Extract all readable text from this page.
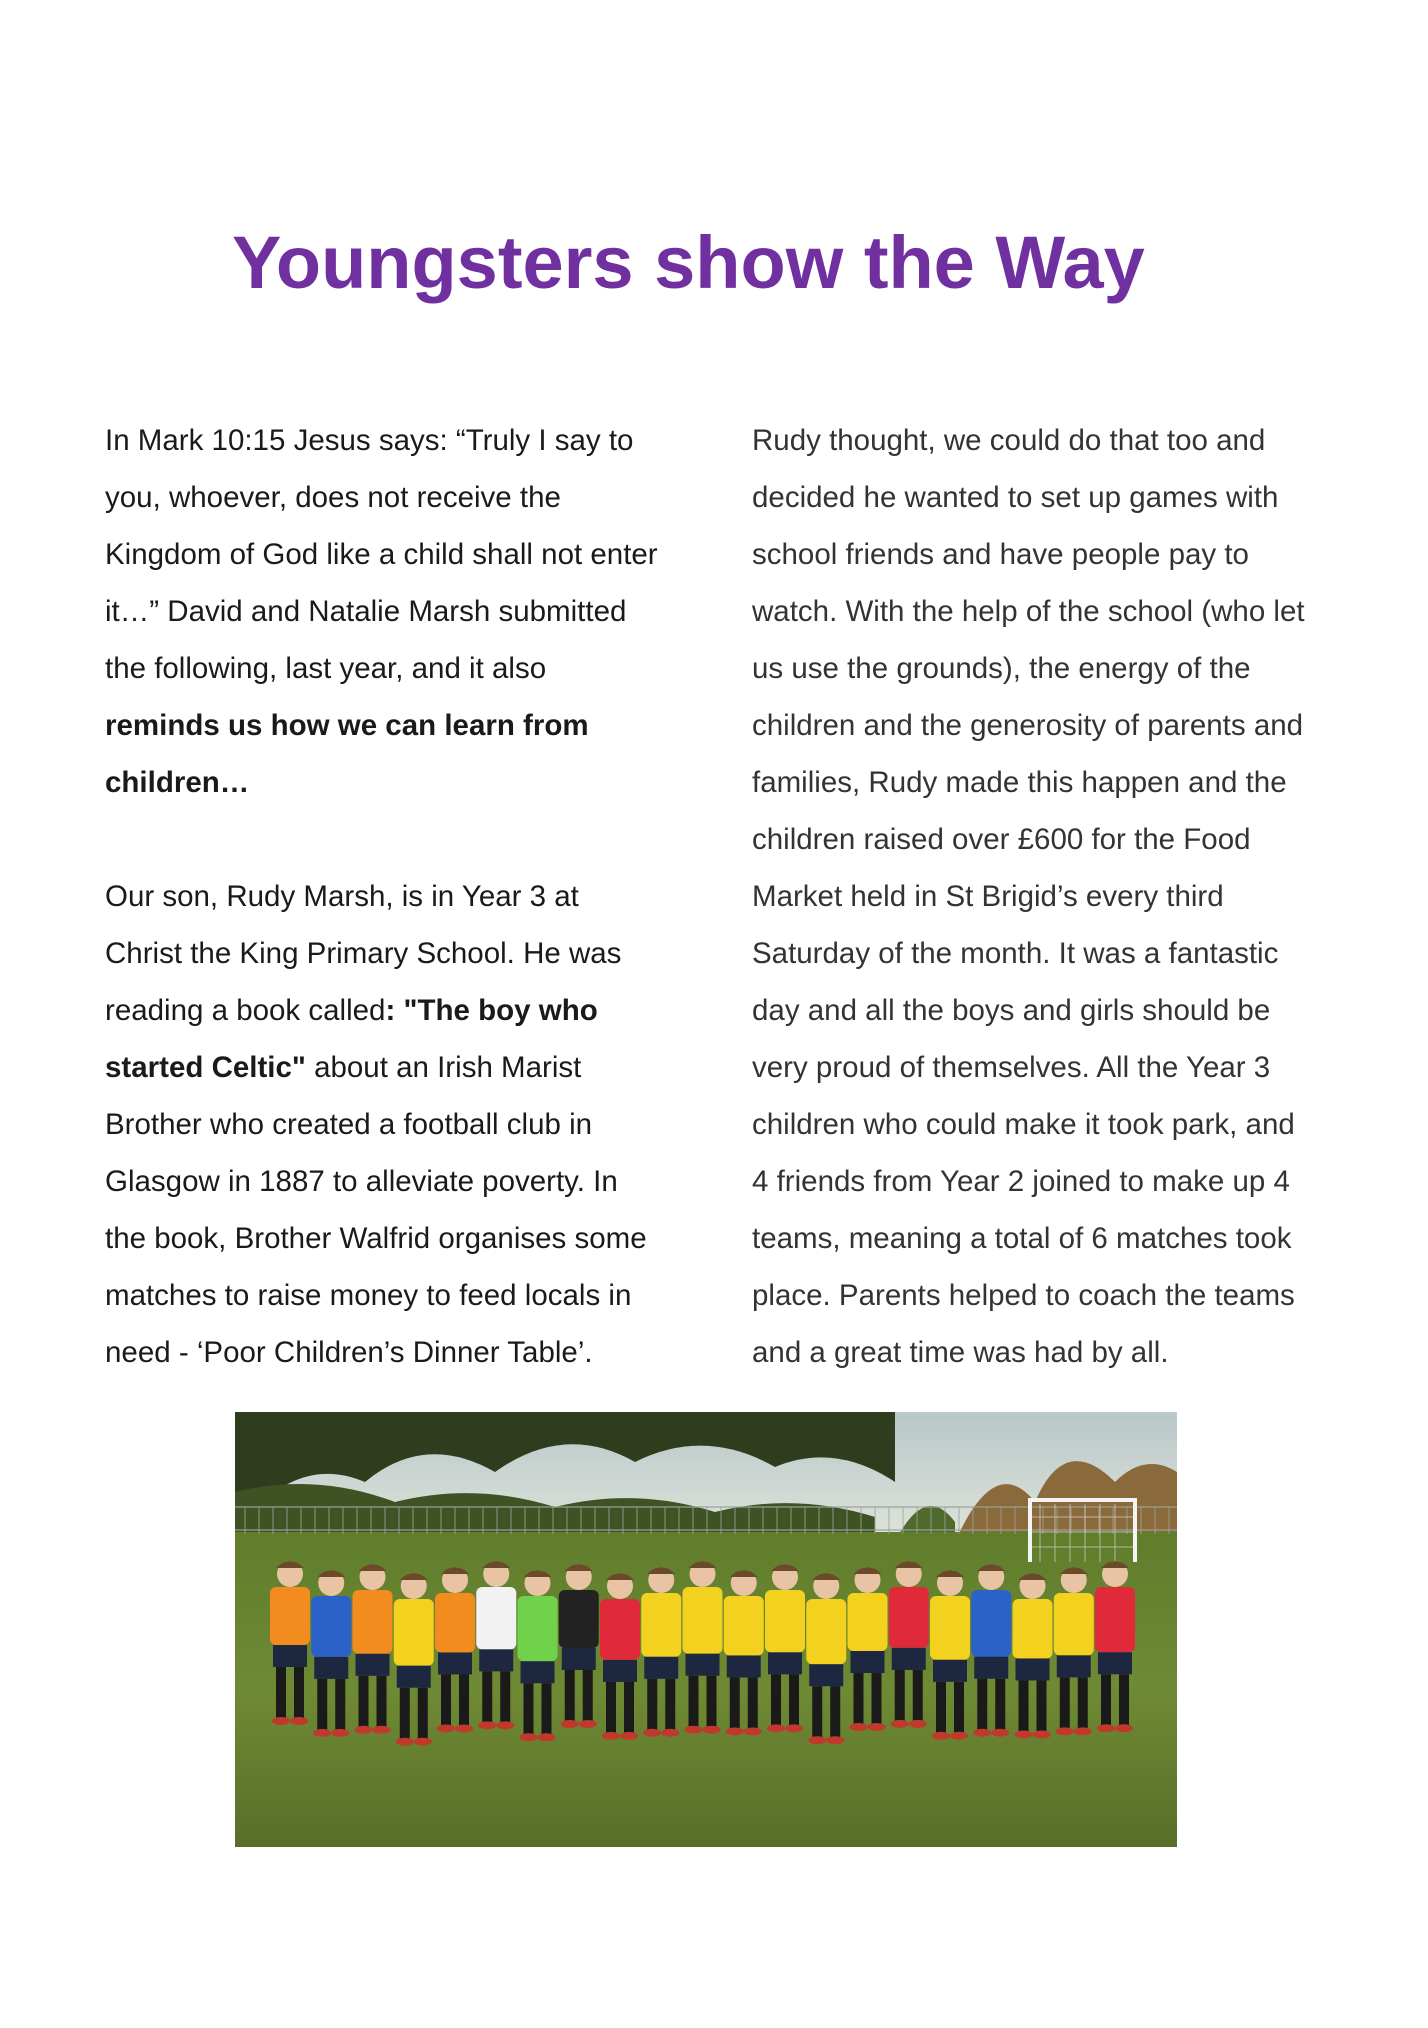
Youngsters show the Way
In Mark 10:15 Jesus says: “Truly I say to
you, whoever, does not receive the
Kingdom of God like a child shall not enter
it…” David and Natalie Marsh submitted
the following, last year, and it also
reminds us how we can learn from
children…
Our son, Rudy Marsh, is in Year 3 at
Christ the King Primary School. He was
reading a book called: "The boy who
started Celtic" about an Irish Marist
Brother who created a football club in
Glasgow in 1887 to alleviate poverty. In
the book, Brother Walfrid organises some
matches to raise money to feed locals in
need - ‘Poor Children’s Dinner Table’.
Rudy thought, we could do that too and
decided he wanted to set up games with
school friends and have people pay to
watch. With the help of the school (who let
us use the grounds), the energy of the
children and the generosity of parents and
families, Rudy made this happen and the
children raised over £600 for the Food
Market held in St Brigid’s every third
Saturday of the month. It was a fantastic
day and all the boys and girls should be
very proud of themselves. All the Year 3
children who could make it took park, and
4 friends from Year 2 joined to make up 4
teams, meaning a total of 6 matches took
place. Parents helped to coach the teams
and a great time was had by all.
